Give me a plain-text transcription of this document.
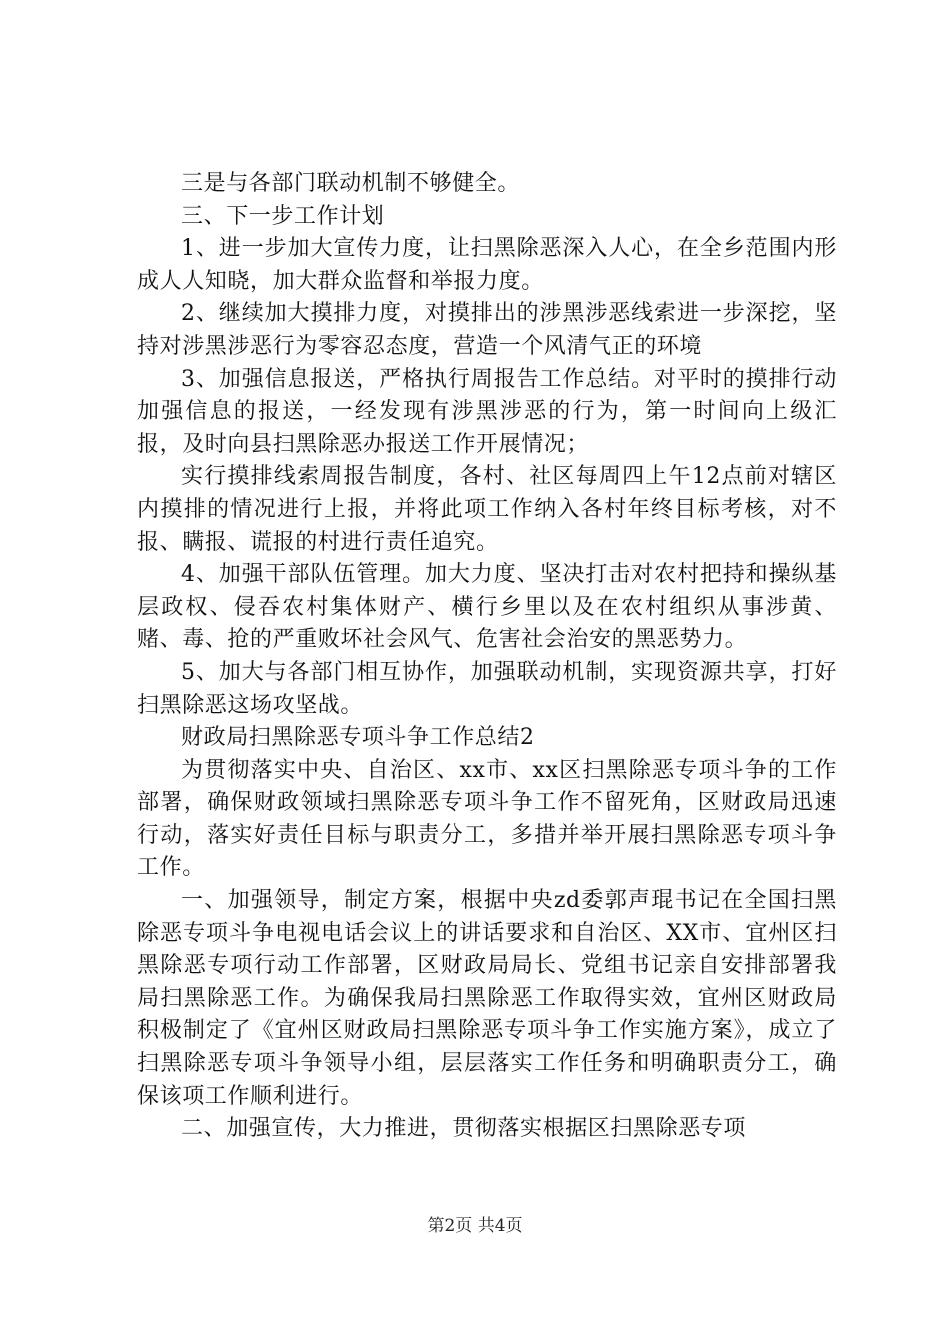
三是与各部门联动机制不够健全。

三、下一步工作计划

1、进一步加大宣传力度，让扫黑除恶深入人心，在全乡范围内形成人人知晓，加大群众监督和举报力度。

2、继续加大摸排力度，对摸排出的涉黑涉恶线索进一步深挖，坚持对涉黑涉恶行为零容忍态度，营造一个风清气正的环境

3、加强信息报送，严格执行周报告工作总结。对平时的摸排行动加强信息的报送，一经发现有涉黑涉恶的行为，第一时间向上级汇报，及时向县扫黑除恶办报送工作开展情况；

实行摸排线索周报告制度，各村、社区每周四上午12点前对辖区内摸排的情况进行上报，并将此项工作纳入各村年终目标考核，对不报、瞒报、谎报的村进行责任追究。

4、加强干部队伍管理。加大力度、坚决打击对农村把持和操纵基层政权、侵吞农村集体财产、横行乡里以及在农村组织从事涉黄、赌、毒、抢的严重败坏社会风气、危害社会治安的黑恶势力。

5、加大与各部门相互协作，加强联动机制，实现资源共享，打好扫黑除恶这场攻坚战。

财政局扫黑除恶专项斗争工作总结2

为贯彻落实中央、自治区、xx市、xx区扫黑除恶专项斗争的工作部署，确保财政领域扫黑除恶专项斗争工作不留死角，区财政局迅速行动，落实好责任目标与职责分工，多措并举开展扫黑除恶专项斗争工作。

一、加强领导，制定方案，根据中央zd委郭声琨书记在全国扫黑除恶专项斗争电视电话会议上的讲话要求和自治区、XX市、宜州区扫黑除恶专项行动工作部署，区财政局局长、党组书记亲自安排部署我局扫黑除恶工作。为确保我局扫黑除恶工作取得实效，宜州区财政局积极制定了《宜州区财政局扫黑除恶专项斗争工作实施方案》，成立了扫黑除恶专项斗争领导小组，层层落实工作任务和明确职责分工，确保该项工作顺利进行。

二、加强宣传，大力推进，贯彻落实根据区扫黑除恶专项

第2页 共4页
